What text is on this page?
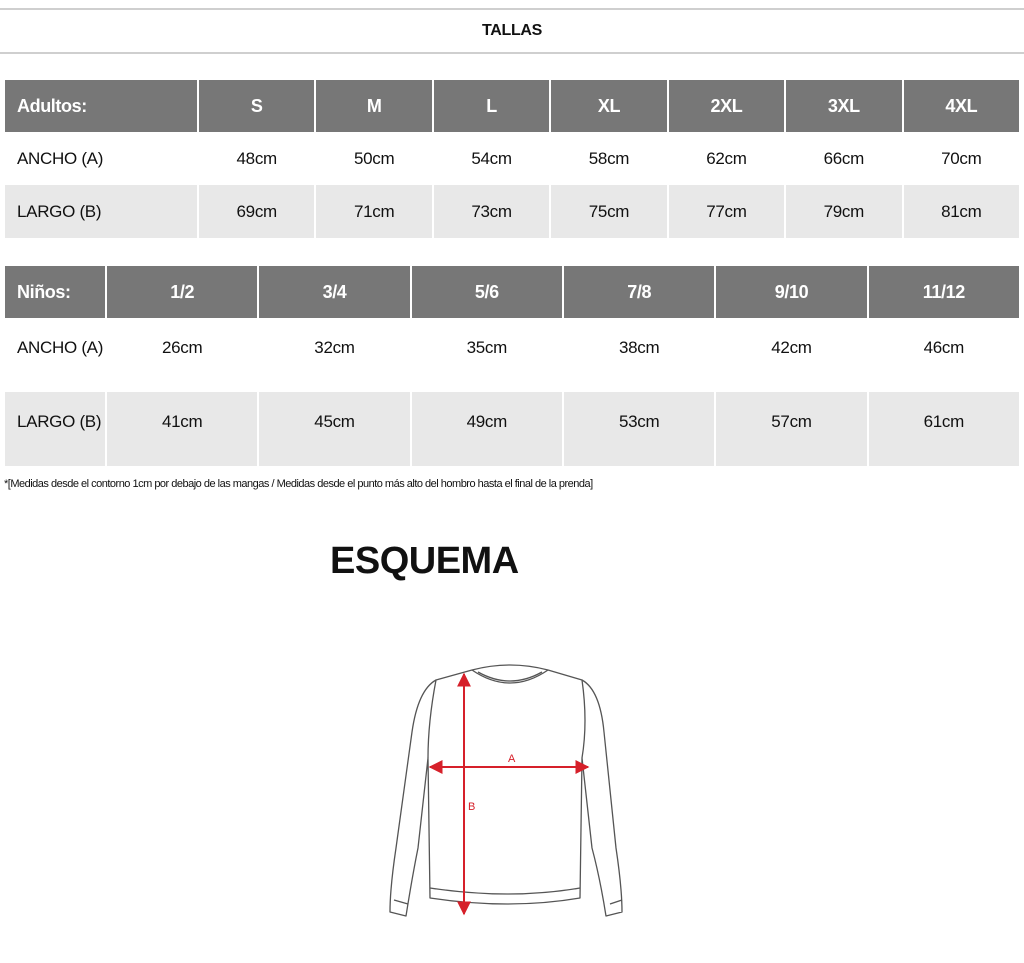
TALLAS
Adultos:	S	M	L	XL	2XL	3XL	4XL
ANCHO (A)	48cm	50cm	54cm	58cm	62cm	66cm	70cm
LARGO (B)	69cm	71cm	73cm	75cm	77cm	79cm	81cm
Niños:	1/2	3/4	5/6	7/8	9/10	11/12
ANCHO (A)	26cm	32cm	35cm	38cm	42cm	46cm
LARGO (B)	41cm	45cm	49cm	53cm	57cm	61cm
*[Medidas desde el contorno 1cm por debajo de las mangas / Medidas desde el punto más alto del hombro hasta el final de la prenda]
ESQUEMA
A
B
